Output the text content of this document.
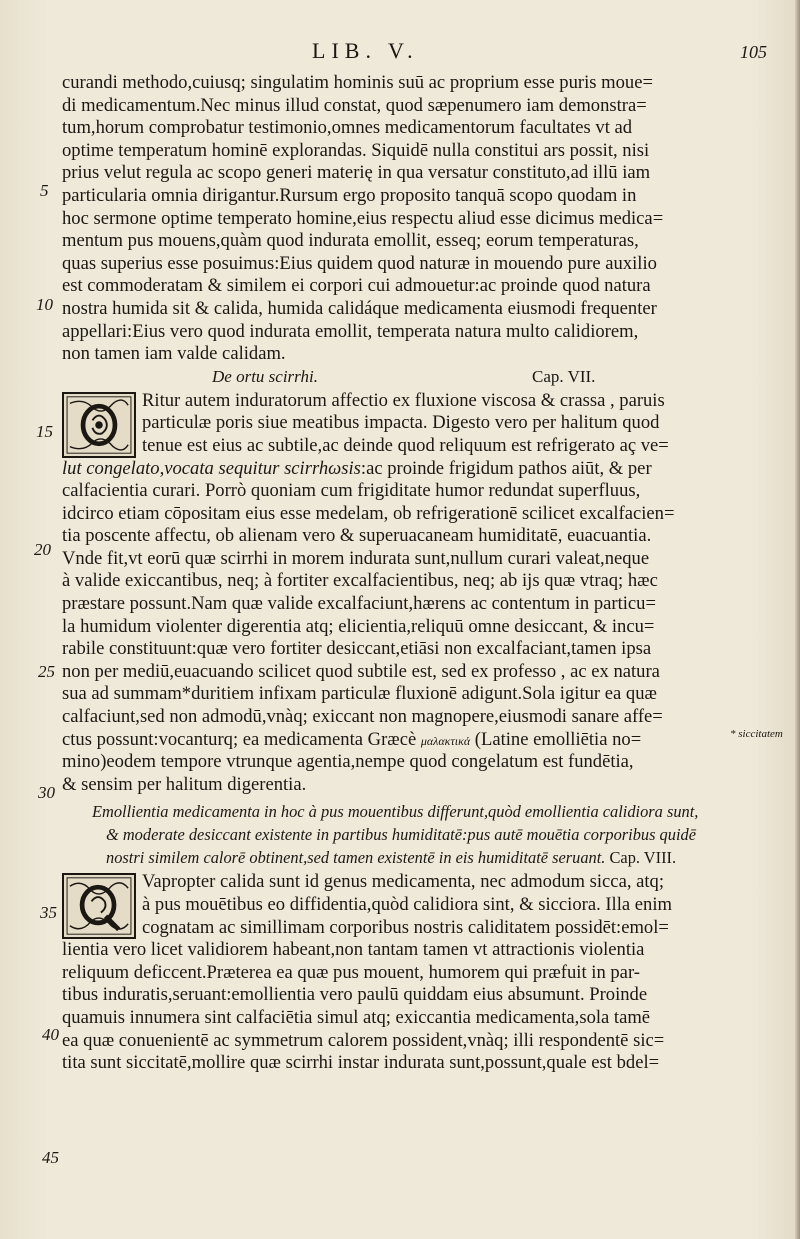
LIB. V.	105
5
10
15
20
25
30
35
40
45
* siccitatem
curandi methodo,cuiusq; singulatim hominis suū ac proprium esse puris moue=
di medicamentum.Nec minus illud constat, quod sæpenumero iam demonstra=
tum,horum comprobatur testimonio,omnes medicamentorum facultates vt ad
optime temperatum hominē explorandas. Siquidē nulla constitui ars possit, nisi
prius velut regula ac scopo generi materię in qua versatur constituto,ad illū iam
particularia omnia dirigantur.Rursum ergo proposito tanquā scopo quodam in
hoc sermone optime temperato homine,eius respectu aliud esse dicimus medica=
mentum pus mouens,quàm quod indurata emollit, esseq; eorum temperaturas,
quas superius esse posuimus:Eius quidem quod naturæ in mouendo pure auxilio
est commoderatam & similem ei corpori cui admouetur:ac proinde quod natura
nostra humida sit & calida, humida calidáque medicamenta eiusmodi frequenter
appellari:Eius vero quod indurata emollit, temperata natura multo calidiorem,
non tamen iam valde calidam.
De ortu scirrhi.	Cap. VII.
Ritur autem induratorum affectio ex fluxione viscosa & crassa , paruis
particulæ poris siue meatibus impacta. Digesto vero per halitum quod
tenue est eius ac subtile,ac deinde quod reliquum est refrigerato aç ve=
lut congelato,vocata sequitur scirrhωsis:ac proinde frigidum pathos aiūt, & per
calfacientia curari. Porrò quoniam cum frigiditate humor redundat superfluus,
idcirco etiam cōpositam eius esse medelam, ob refrigerationē scilicet excalfacien=
tia poscente affectu, ob alienam vero & superuacaneam humiditatē, euacuantia.
Vnde fit,vt eorū quæ scirrhi in morem indurata sunt,nullum curari valeat,neque
à valide exiccantibus, neq; à fortiter excalfacientibus, neq; ab ijs quæ vtraq; hæc
præstare possunt.Nam quæ valide excalfaciunt,hærens ac contentum in particu=
la humidum violenter digerentia atq; elicientia,reliquū omne desiccant, & incu=
rabile constituunt:quæ vero fortiter desiccant,etiāsi non excalfaciant,tamen ipsa
non per mediū,euacuando scilicet quod subtile est, sed ex professo , ac ex natura
sua ad summam*duritiem infixam particulæ fluxionē adigunt.Sola igitur ea quæ
calfaciunt,sed non admodū,vnàq; exiccant non magnopere,eiusmodi sanare affe=
ctus possunt:vocanturq; ea medicamenta Græcè μαλακτικά (Latine emolliētia no=
mino)eodem tempore vtrunque agentia,nempe quod congelatum est fundētia,
& sensim per halitum digerentia.
Emollientia medicamenta in hoc à pus mouentibus differunt,quòd emollientia calidiora sunt,
& moderate desiccant existente in partibus humiditatē:pus autē mouētia corporibus quidē
nostri similem calorē obtinent,sed tamen existentē in eis humiditatē seruant. Cap. VIII.
Vapropter calida sunt id genus medicamenta, nec admodum sicca, atq;
à pus mouētibus eo diffidentia,quòd calidiora sint, & sicciora. Illa enim
cognatam ac simillimam corporibus nostris caliditatem possidēt:emol=
lientia vero licet validiorem habeant,non tantam tamen vt attractionis violentia
reliquum deficcent.Præterea ea quæ pus mouent, humorem qui præfuit in par-
tibus induratis,seruant:emollientia vero paulū quiddam eius absumunt. Proinde
quamuis innumera sint calfaciētia simul atq; exiccantia medicamenta,sola tamē
ea quæ conuenientē ac symmetrum calorem possident,vnàq; illi respondentē sic=
tita sunt siccitatē,mollire quæ scirrhi instar indurata sunt,possunt,quale est bdel=
